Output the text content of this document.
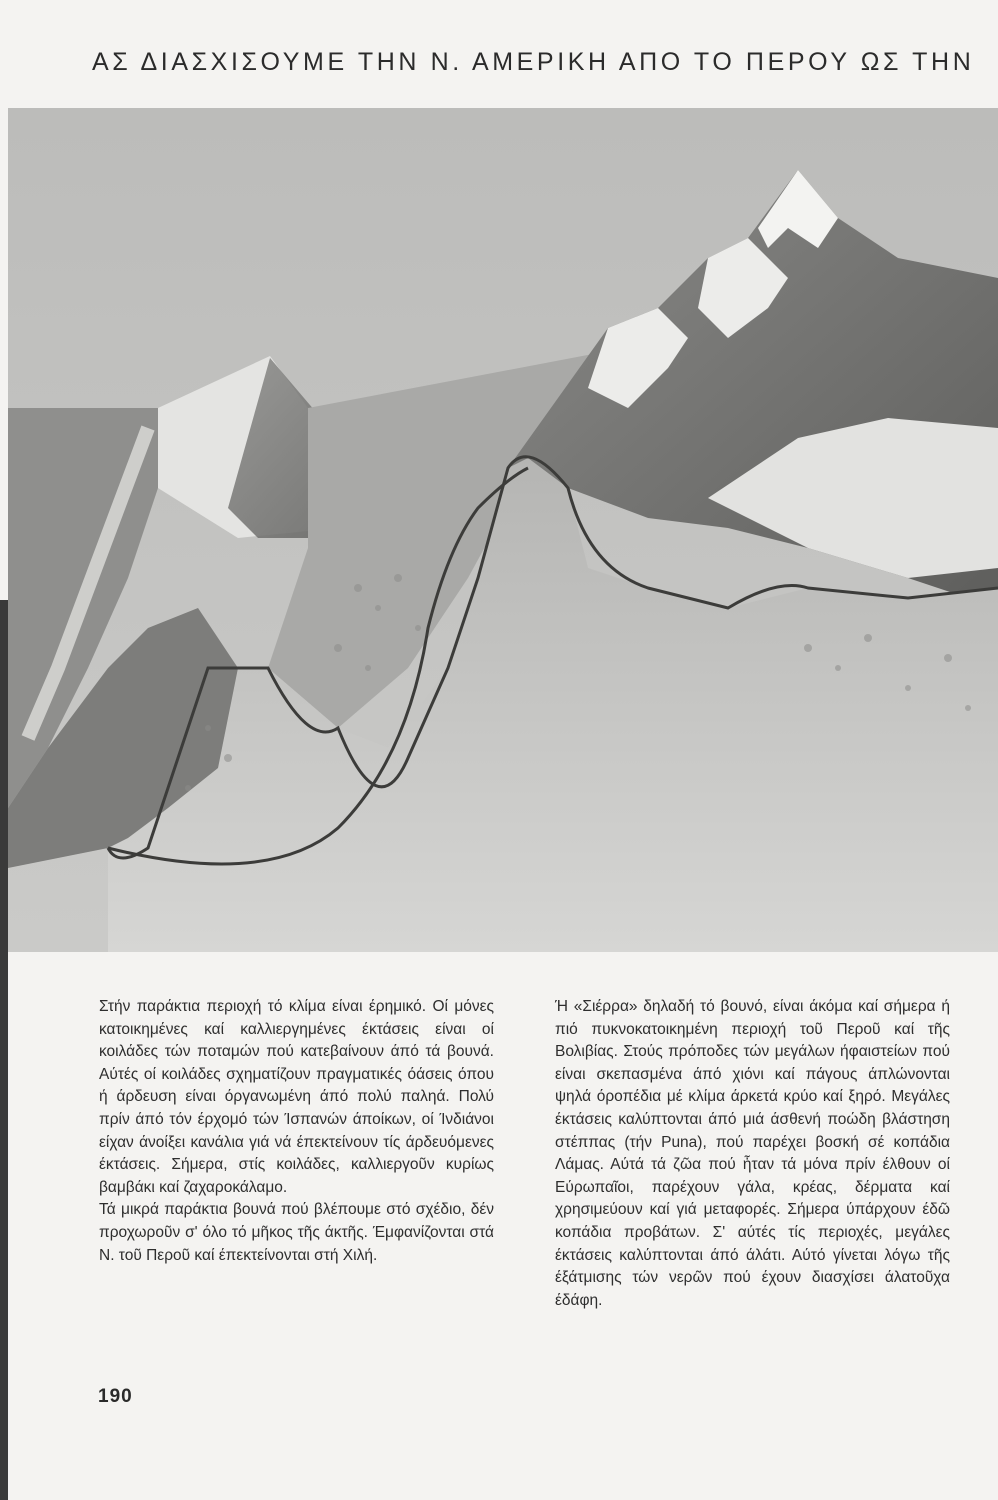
ΑΣ ΔΙΑΣΧΙΣΟΥΜΕ ΤΗΝ Ν. ΑΜΕΡΙΚΗ ΑΠΟ ΤΟ ΠΕΡΟΥ ΩΣ ΤΗΝ

Στήν παράκτια περιοχή τό κλίμα είναι έρημικό. Οί μόνες κατοικημένες καί καλλιεργημένες έκτάσεις είναι οί κοιλάδες τών ποταμών πού κατεβαίνουν άπό τά βουνά. Αύτές οί κοιλάδες σχηματίζουν πραγματικές όάσεις όπου ή άρδευση είναι όργανωμένη άπό πολύ παληά. Πολύ πρίν άπό τόν έρχομό τών Ίσπανών άποίκων, οί Ίνδιάνοι είχαν άνοίξει κανάλια γιά νά έπεκτείνουν τίς άρδευόμενες έκτάσεις. Σήμερα, στίς κοιλάδες, καλλιεργοῦν κυρίως βαμβάκι καί ζαχαροκάλαμο.

Τά μικρά παράκτια βουνά πού βλέπουμε στό σχέδιο, δέν προχωροῦν σ' όλο τό μῆκος τῆς άκτῆς. Έμφανίζονται στά Ν. τοῦ Περοῦ καί έπεκτείνονται στή Χιλή.

Ή «Σιέρρα» δηλαδή τό βουνό, είναι άκόμα καί σήμερα ή πιό πυκνοκατοικημένη περιοχή τοῦ Περοῦ καί τῆς Βολιβίας. Στούς πρόποδες τών μεγάλων ήφαιστείων πού είναι σκεπασμένα άπό χιόνι καί πάγους άπλώνονται ψηλά όροπέδια μέ κλίμα άρκετά κρύο καί ξηρό. Μεγάλες έκτάσεις καλύπτονται άπό μιά άσθενή ποώδη βλάστηση στέππας (τήν Puna), πού παρέχει βοσκή σέ κοπάδια Λάμας. Αύτά τά ζῶα πού ἦταν τά μόνα πρίν έλθουν οί Εύρωπαῖοι, παρέχουν γάλα, κρέας, δέρματα καί χρησιμεύουν καί γιά μεταφορές. Σήμερα ύπάρχουν έδῶ κοπάδια προβάτων. Σ' αύτές τίς περιοχές, μεγάλες έκτάσεις καλύπτονται άπό άλάτι. Αύτό γίνεται λόγω τῆς έξάτμισης τών νερῶν πού έχουν διασχίσει άλατοῦχα έδάφη.

190
